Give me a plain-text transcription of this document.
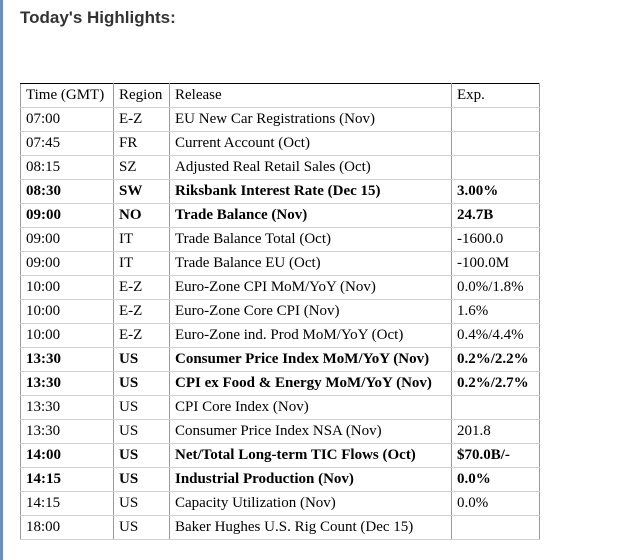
Today's Highlights:
Time (GMT)	Region	Release	Exp.
07:00	E-Z	EU New Car Registrations (Nov)	
07:45	FR	Current Account (Oct)	
08:15	SZ	Adjusted Real Retail Sales (Oct)	
08:30	SW	Riksbank Interest Rate (Dec 15)	3.00%
09:00	NO	Trade Balance (Nov)	24.7B
09:00	IT	Trade Balance Total (Oct)	-1600.0
09:00	IT	Trade Balance EU (Oct)	-100.0M
10:00	E-Z	Euro-Zone CPI MoM/YoY (Nov)	0.0%/1.8%
10:00	E-Z	Euro-Zone Core CPI (Nov)	1.6%
10:00	E-Z	Euro-Zone ind. Prod MoM/YoY (Oct)	0.4%/4.4%
13:30	US	Consumer Price Index MoM/YoY (Nov)	0.2%/2.2%
13:30	US	CPI ex Food & Energy MoM/YoY (Nov)	0.2%/2.7%
13:30	US	CPI Core Index (Nov)	
13:30	US	Consumer Price Index NSA (Nov)	201.8
14:00	US	Net/Total Long-term TIC Flows (Oct)	$70.0B/-
14:15	US	Industrial Production (Nov)	0.0%
14:15	US	Capacity Utilization (Nov)	0.0%
18:00	US	Baker Hughes U.S. Rig Count (Dec 15)	
